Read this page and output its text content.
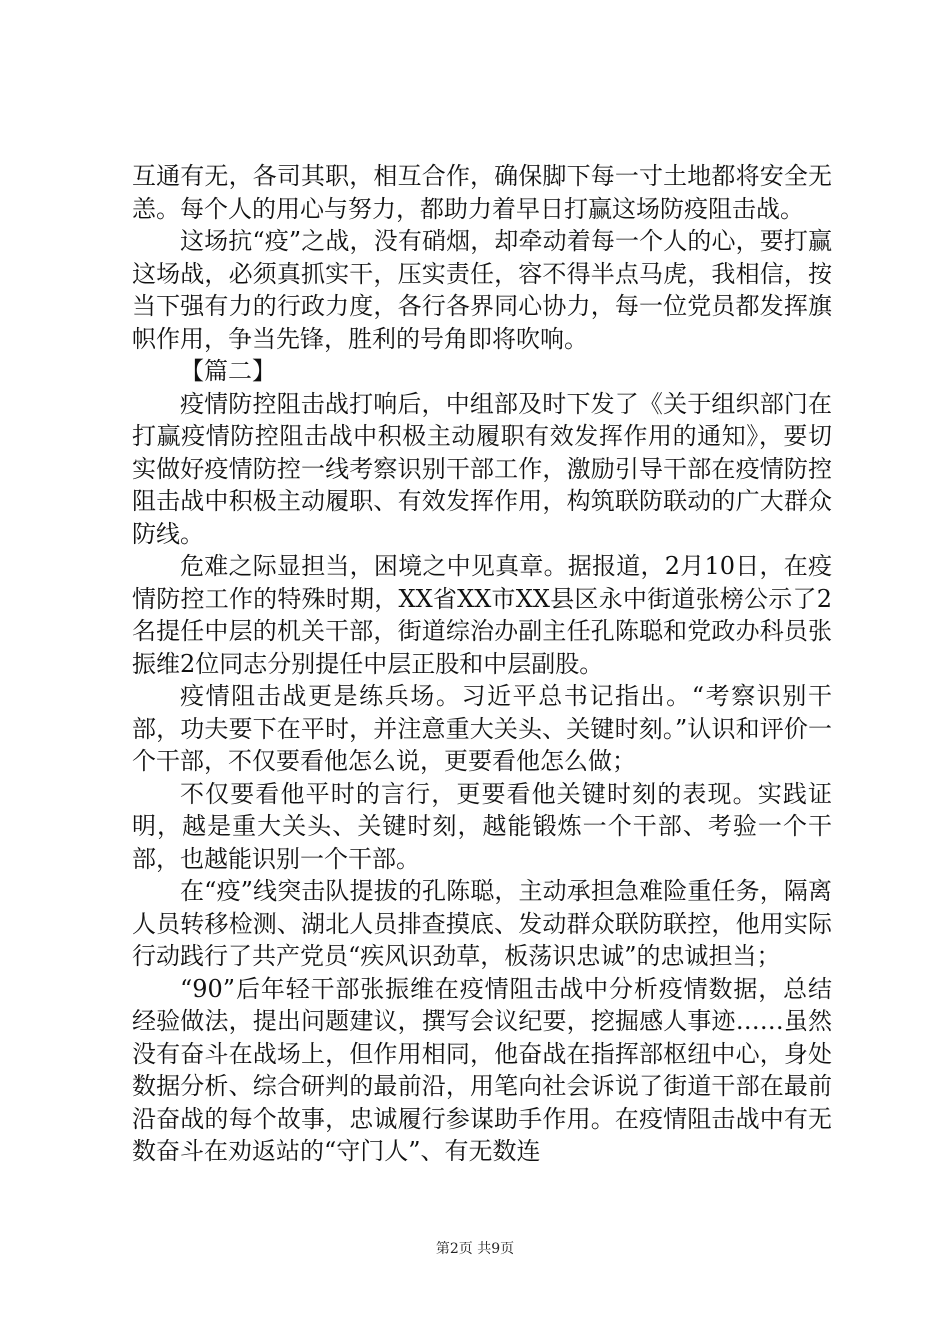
互通有无，各司其职，相互合作，确保脚下每一寸土地都将安全无恙。每个人的用心与努力，都助力着早日打赢这场防疫阻击战。

这场抗“疫”之战，没有硝烟，却牵动着每一个人的心，要打赢这场战，必须真抓实干，压实责任，容不得半点马虎，我相信，按当下强有力的行政力度，各行各界同心协力，每一位党员都发挥旗帜作用，争当先锋，胜利的号角即将吹响。

【篇二】

疫情防控阻击战打响后，中组部及时下发了《关于组织部门在打赢疫情防控阻击战中积极主动履职有效发挥作用的通知》，要切实做好疫情防控一线考察识别干部工作，激励引导干部在疫情防控阻击战中积极主动履职、有效发挥作用，构筑联防联动的广大群众防线。

危难之际显担当，困境之中见真章。据报道，2月10日，在疫情防控工作的特殊时期，XX省XX市XX县区永中街道张榜公示了2名提任中层的机关干部，街道综治办副主任孔陈聪和党政办科员张振维2位同志分别提任中层正股和中层副股。

疫情阻击战更是练兵场。习近平总书记指出。“考察识别干部，功夫要下在平时，并注意重大关头、关键时刻。”认识和评价一个干部，不仅要看他怎么说，更要看他怎么做；

不仅要看他平时的言行，更要看他关键时刻的表现。实践证明，越是重大关头、关键时刻，越能锻炼一个干部、考验一个干部，也越能识别一个干部。

在“疫”线突击队提拔的孔陈聪，主动承担急难险重任务，隔离人员转移检测、湖北人员排查摸底、发动群众联防联控，他用实际行动践行了共产党员“疾风识劲草，板荡识忠诚”的忠诚担当；

“90”后年轻干部张振维在疫情阻击战中分析疫情数据，总结经验做法，提出问题建议，撰写会议纪要，挖掘感人事迹……虽然没有奋斗在战场上，但作用相同，他奋战在指挥部枢纽中心，身处数据分析、综合研判的最前沿，用笔向社会诉说了街道干部在最前沿奋战的每个故事，忠诚履行参谋助手作用。在疫情阻击战中有无数奋斗在劝返站的“守门人”、有无数连

第2页 共9页
